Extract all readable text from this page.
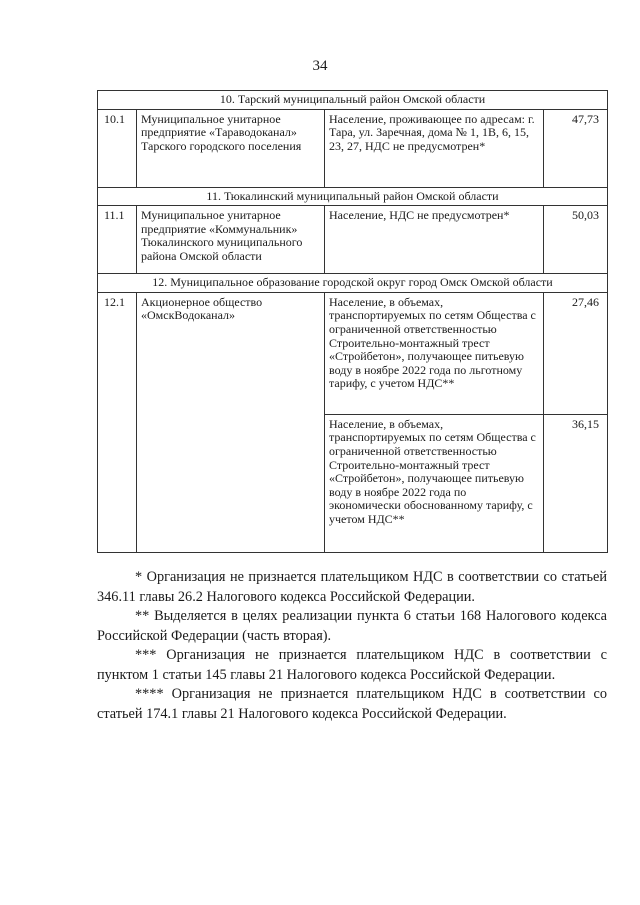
34
10. Тарский муниципальный район Омской области			
10.1	Муниципальное унитарное предприятие «Тараводоканал» Тарского городского поселения	Население, проживающее по адресам: г. Тара, ул. Заречная, дома № 1, 1В, 6, 15, 23, 27, НДС не предусмотрен*	47,73
11. Тюкалинский муниципальный район Омской области			
11.1	Муниципальное унитарное предприятие «Коммунальник» Тюкалинского муниципального района Омской области	Население, НДС не предусмотрен*	50,03
12. Муниципальное образование городской округ город Омск Омской области			
12.1	Акционерное общество «ОмскВодоканал»	Население, в объемах, транспортируемых по сетям Общества с ограниченной ответственностью Строительно-монтажный трест «Стройбетон», получающее питьевую воду в ноябре 2022 года по льготному тарифу, с учетом НДС**	27,46
		Население, в объемах, транспортируемых по сетям Общества с ограниченной ответственностью Строительно-монтажный трест «Стройбетон», получающее питьевую воду в ноябре 2022 года по экономически обоснованному тарифу, с учетом НДС**	36,15

* Организация не признается плательщиком НДС в соответствии со статьей 346.11 главы 26.2 Налогового кодекса Российской Федерации.

** Выделяется в целях реализации пункта 6 статьи 168 Налогового кодекса Российской Федерации (часть вторая).

*** Организация не признается плательщиком НДС в соответствии с пунктом 1 статьи 145 главы 21 Налогового кодекса Российской Федерации.

**** Организация не признается плательщиком НДС в соответствии со статьей 174.1 главы 21 Налогового кодекса Российской Федерации.
